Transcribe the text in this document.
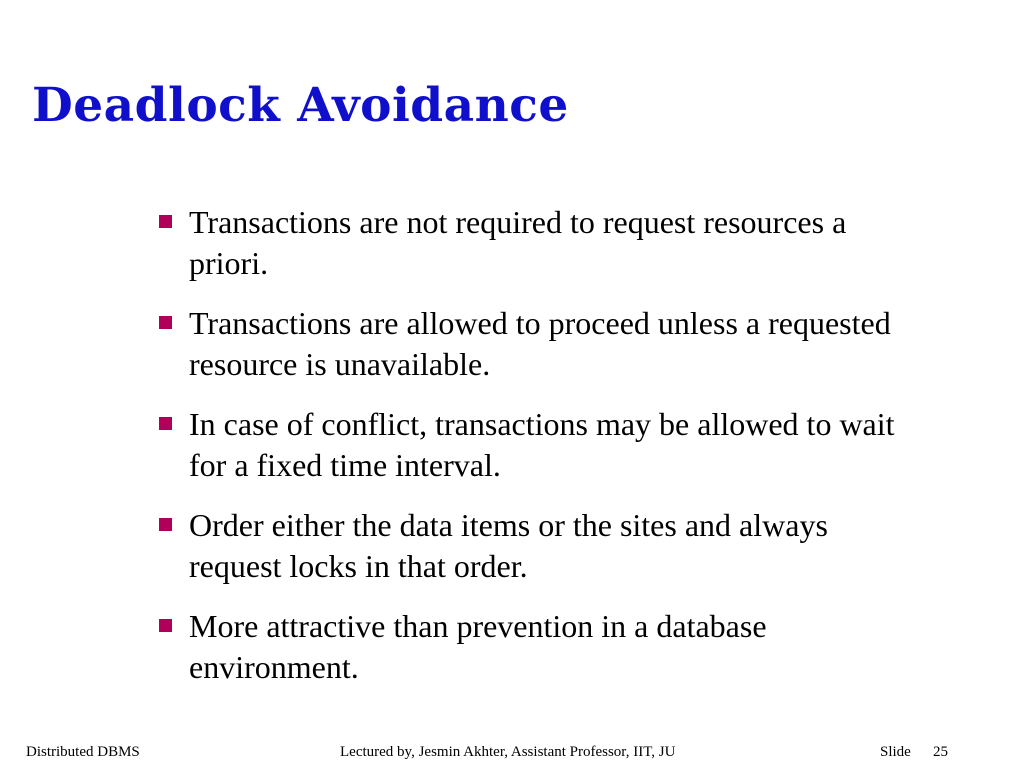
Deadlock Avoidance
Transactions are not required to request resources a priori.
Transactions are allowed to proceed unless a requested resource is unavailable.
In case of conflict, transactions may be allowed to wait for a fixed time interval.
Order either the data items or the sites and always request locks in that order.
More attractive than prevention in a database environment.
Distributed DBMS	Lectured by, Jesmin Akhter, Assistant Professor, IIT, JU	Slide 25
